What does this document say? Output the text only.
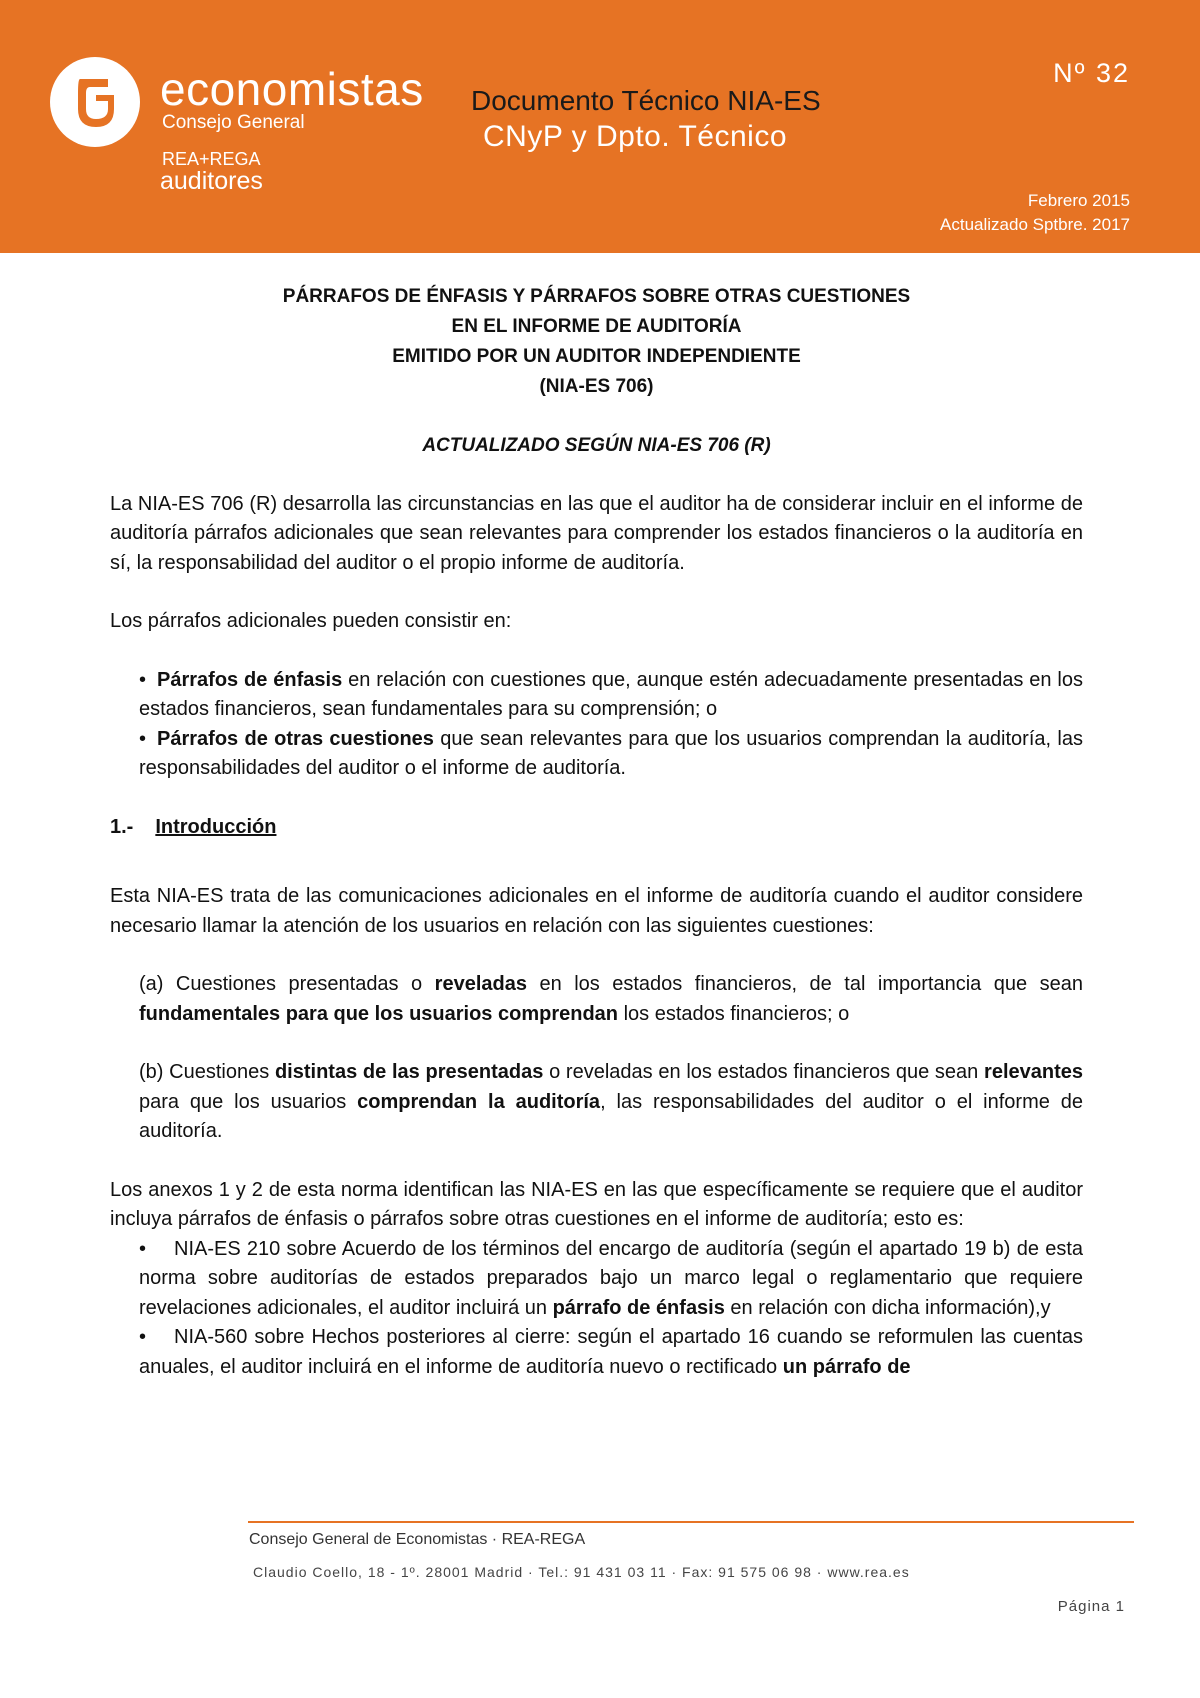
economistas
Consejo General
REA+REGA
auditores
Documento Técnico NIA-ES
CNyP y Dpto. Técnico
Nº 32
Febrero 2015
Actualizado Sptbre. 2017
PÁRRAFOS DE ÉNFASIS Y PÁRRAFOS SOBRE OTRAS CUESTIONES
EN EL INFORME DE AUDITORÍA
EMITIDO POR UN AUDITOR INDEPENDIENTE
(NIA-ES 706)
ACTUALIZADO SEGÚN NIA-ES 706 (R)

La NIA-ES 706 (R) desarrolla las circunstancias en las que el auditor ha de considerar incluir en el informe de auditoría párrafos adicionales que sean relevantes para comprender los estados financieros o la auditoría en sí, la responsabilidad del auditor o el propio informe de auditoría.

Los párrafos adicionales pueden consistir en:

• Párrafos de énfasis en relación con cuestiones que, aunque estén adecuadamente presentadas en los estados financieros, sean fundamentales para su comprensión; o

• Párrafos de otras cuestiones que sean relevantes para que los usuarios comprendan la auditoría, las responsabilidades del auditor o el informe de auditoría.

1.- Introducción

Esta NIA-ES trata de las comunicaciones adicionales en el informe de auditoría cuando el auditor considere necesario llamar la atención de los usuarios en relación con las siguientes cuestiones:

(a) Cuestiones presentadas o reveladas en los estados financieros, de tal importancia que sean fundamentales para que los usuarios comprendan los estados financieros; o

(b) Cuestiones distintas de las presentadas o reveladas en los estados financieros que sean relevantes para que los usuarios comprendan la auditoría, las responsabilidades del auditor o el informe de auditoría.

Los anexos 1 y 2 de esta norma identifican las NIA-ES en las que específicamente se requiere que el auditor incluya párrafos de énfasis o párrafos sobre otras cuestiones en el informe de auditoría; esto es:

• NIA-ES 210 sobre Acuerdo de los términos del encargo de auditoría (según el apartado 19 b) de esta norma sobre auditorías de estados preparados bajo un marco legal o reglamentario que requiere revelaciones adicionales, el auditor incluirá un párrafo de énfasis en relación con dicha información),y
• NIA-560 sobre Hechos posteriores al cierre: según el apartado 16 cuando se reformulen las cuentas anuales, el auditor incluirá en el informe de auditoría nuevo o rectificado un párrafo de
Consejo General de Economistas · REA-REGA
Claudio Coello, 18 - 1º. 28001 Madrid · Tel.: 91 431 03 11 · Fax: 91 575 06 98 · www.rea.es
Página 1
